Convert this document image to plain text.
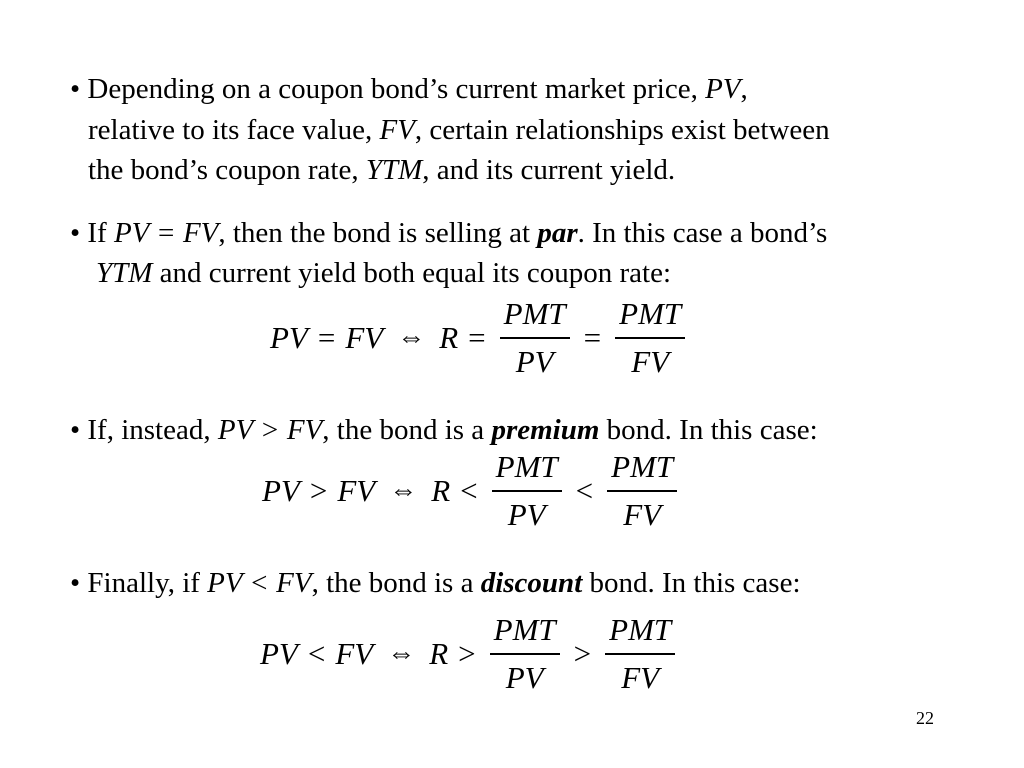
• Depending on a coupon bond’s current market price, PV,
relative to its face value, FV, certain relationships exist between
the bond’s coupon rate, YTM, and its current yield.
• If PV = FV, then the bond is selling at par. In this case a bond’s
YTM and current yield both equal its coupon rate:
PV = FV ⇔ $R = \frac{\text{PMT}}{PV} = \frac{\text{PMT}}{FV}$
• If, instead, PV > FV, the bond is a premium bond. In this case:
PV > FV ⇔ $R < \frac{\text{PMT}}{PV} < \frac{\text{PMT}}{FV}$
• Finally, if PV < FV, the bond is a discount bond. In this case:
PV < FV ⇔ $R > \frac{\text{PMT}}{PV} > \frac{\text{PMT}}{FV}$
22
